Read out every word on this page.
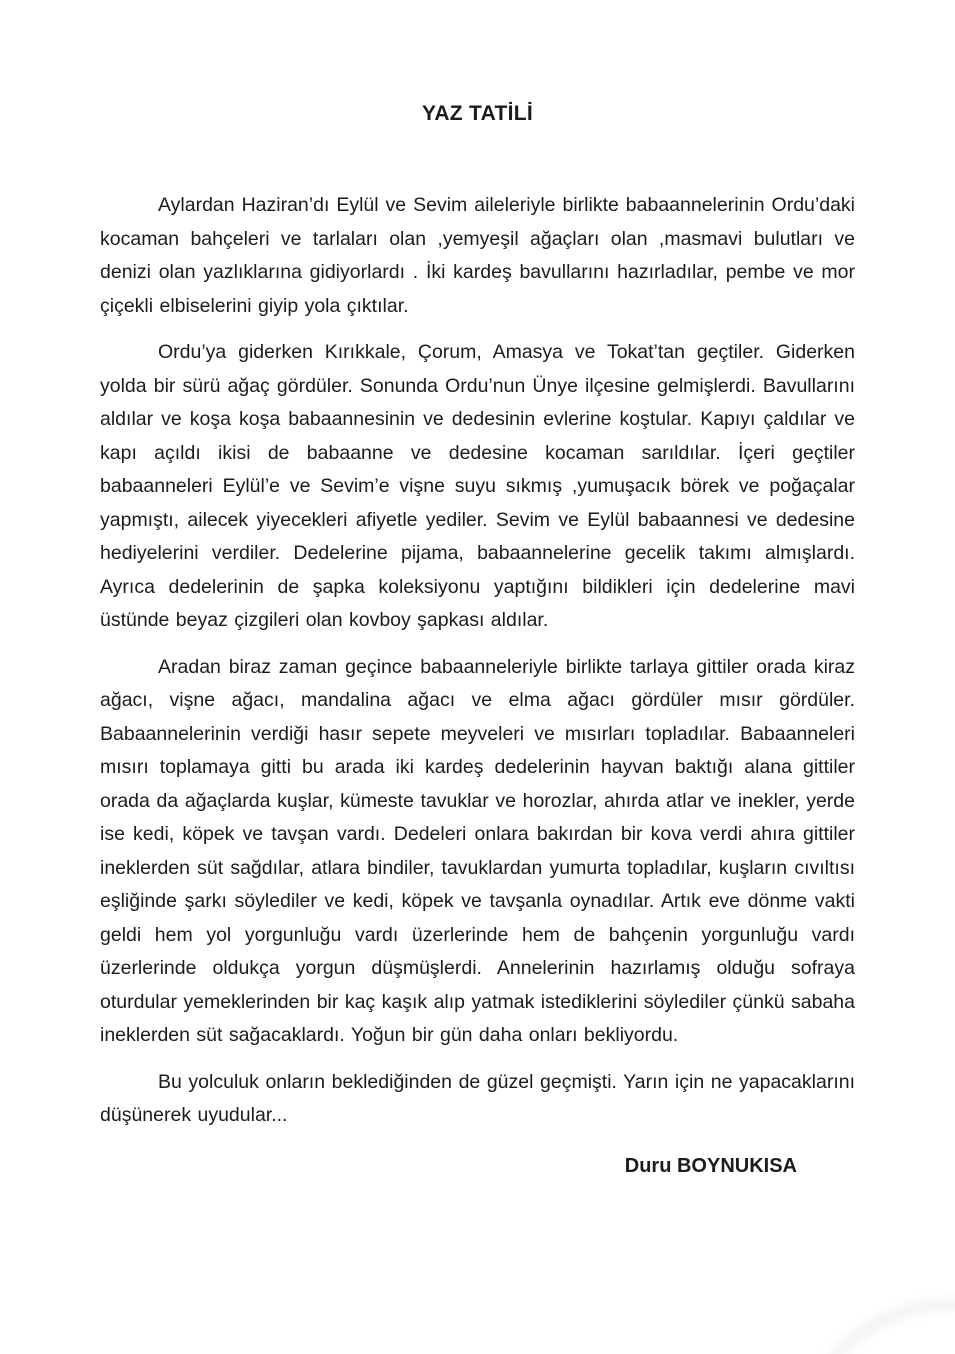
YAZ TATİLİ

Aylardan Haziran’dı Eylül ve Sevim aileleriyle birlikte babaannelerinin Ordu’daki kocaman bahçeleri ve tarlaları olan ,yemyeşil ağaçları olan ,masmavi bulutları ve denizi olan yazlıklarına gidiyorlardı . İki kardeş bavullarını hazırladılar, pembe ve mor çiçekli elbiselerini giyip yola çıktılar.

Ordu’ya giderken Kırıkkale, Çorum, Amasya ve Tokat’tan geçtiler. Giderken yolda bir sürü ağaç gördüler. Sonunda Ordu’nun Ünye ilçesine gelmişlerdi. Bavullarını aldılar ve koşa koşa babaannesinin ve dedesinin evlerine koştular. Kapıyı çaldılar ve kapı açıldı ikisi de babaanne ve dedesine kocaman sarıldılar. İçeri geçtiler babaanneleri Eylül’e ve Sevim’e vişne suyu sıkmış ,yumuşacık börek ve poğaçalar yapmıştı, ailecek yiyecekleri afiyetle yediler. Sevim ve Eylül babaannesi ve dedesine hediyelerini verdiler. Dedelerine pijama, babaannelerine gecelik takımı almışlardı. Ayrıca dedelerinin de şapka koleksiyonu yaptığını bildikleri için dedelerine mavi üstünde beyaz çizgileri olan kovboy şapkası aldılar.

Aradan biraz zaman geçince babaanneleriyle birlikte tarlaya gittiler orada kiraz ağacı, vişne ağacı, mandalina ağacı ve elma ağacı gördüler mısır gördüler. Babaannelerinin verdiği hasır sepete meyveleri ve mısırları topladılar. Babaanneleri mısırı toplamaya gitti bu arada iki kardeş dedelerinin hayvan baktığı alana gittiler orada da ağaçlarda kuşlar, kümeste tavuklar ve horozlar, ahırda atlar ve inekler, yerde ise kedi, köpek ve tavşan vardı. Dedeleri onlara bakırdan bir kova verdi ahıra gittiler ineklerden süt sağdılar, atlara bindiler, tavuklardan yumurta topladılar, kuşların cıvıltısı eşliğinde şarkı söylediler ve kedi, köpek ve tavşanla oynadılar. Artık eve dönme vakti geldi hem yol yorgunluğu vardı üzerlerinde hem de bahçenin yorgunluğu vardı üzerlerinde oldukça yorgun düşmüşlerdi. Annelerinin hazırlamış olduğu sofraya oturdular yemeklerinden bir kaç kaşık alıp yatmak istediklerini söylediler çünkü sabaha ineklerden süt sağacaklardı. Yoğun bir gün daha onları bekliyordu.

Bu yolculuk onların beklediğinden de güzel geçmişti. Yarın için ne yapacaklarını düşünerek uyudular...

Duru BOYNUKISA
